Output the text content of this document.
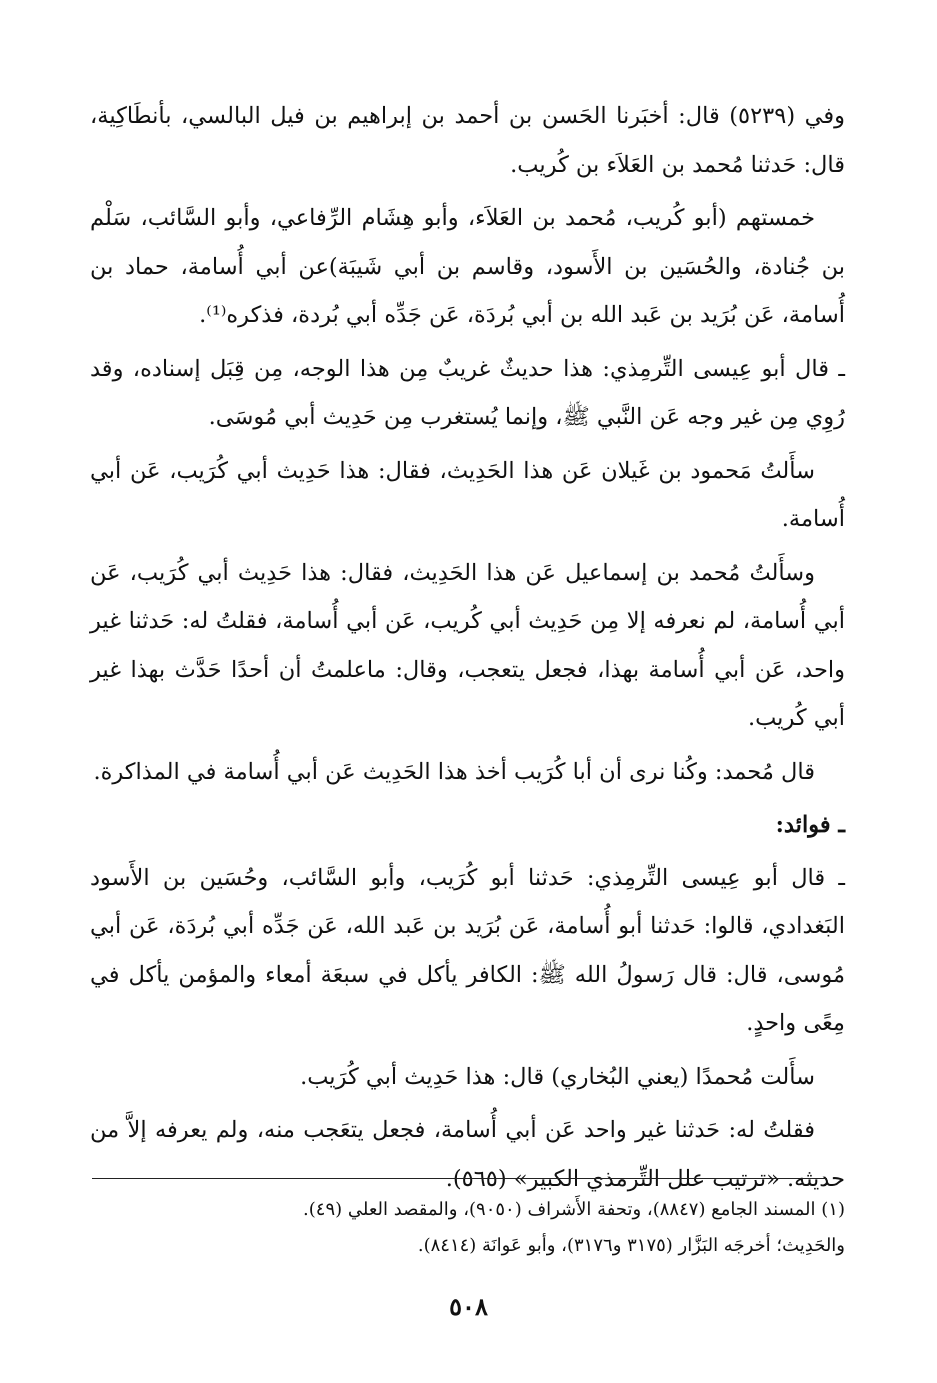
وفي (٥٢٣٩) قال: أخبَرنا الحَسن بن أحمد بن إبراهيم بن فيل البالسي، بأنطَاكِية، قال: حَدثنا مُحمد بن العَلاَء بن كُريب.

خمستهم (أبو كُريب، مُحمد بن العَلاَء، وأبو هِشَام الرِّفاعي، وأبو السَّائب، سَلْم بن جُنادة، والحُسَين بن الأَسود، وقاسم بن أبي شَيبَة)عن أبي أُسامة، حماد بن أُسامة، عَن بُرَيد بن عَبد الله بن أبي بُردَة، عَن جَدِّه أبي بُردة، فذكره⁽¹⁾.

ـ قال أبو عِيسى التِّرمِذي: هذا حديثٌ غريبٌ مِن هذا الوجه، مِن قِبَل إسناده، وقد رُوِي مِن غير وجه عَن النَّبي ﷺ، وإنما يُستغرب مِن حَدِيث أبي مُوسَى.

سأَلتُ مَحمود بن غَيلان عَن هذا الحَدِيث، فقال: هذا حَدِيث أبي كُرَيب، عَن أبي أُسامة.

وسأَلتُ مُحمد بن إسماعيل عَن هذا الحَدِيث، فقال: هذا حَدِيث أبي كُرَيب، عَن أبي أُسامة، لم نعرفه إلا مِن حَدِيث أبي كُريب، عَن أبي أُسامة، فقلتُ له: حَدثنا غير واحد، عَن أبي أُسامة بهذا، فجعل يتعجب، وقال: ماعلمتُ أن أحدًا حَدَّث بهذا غير أبي كُريب.

قال مُحمد: وكُنا نرى أن أبا كُرَيب أخذ هذا الحَدِيث عَن أبي أُسامة في المذاكرة.

ـ فوائد:

ـ قال أبو عِيسى التِّرمِذي: حَدثنا أبو كُرَيب، وأبو السَّائب، وحُسَين بن الأَسود البَغدادي، قالوا: حَدثنا أبو أُسامة، عَن بُرَيد بن عَبد الله، عَن جَدِّه أبي بُردَة، عَن أبي مُوسى، قال: قال رَسولُ الله ﷺ: الكافر يأكل في سبعَة أمعاء والمؤمن يأكل في مِعًى واحدٍ.

سأَلت مُحمدًا (يعني البُخاري) قال: هذا حَدِيث أبي كُرَيب.

فقلتُ له: حَدثنا غير واحد عَن أبي أُسامة، فجعل يتعَجب منه، ولم يعرفه إلاَّ من حديثه. «ترتيب علل التِّرمذي الكبير» (٥٦٥).

(١) المسند الجامع (٨٨٤٧)، وتحفة الأَشراف (٩٠٥٠)، والمقصد العلي (٤٩).

والحَدِيث؛ أخرجَه البَزَّار (٣١٧٥ و٣١٧٦)، وأبو عَوانَة (٨٤١٤).

٥٠٨
